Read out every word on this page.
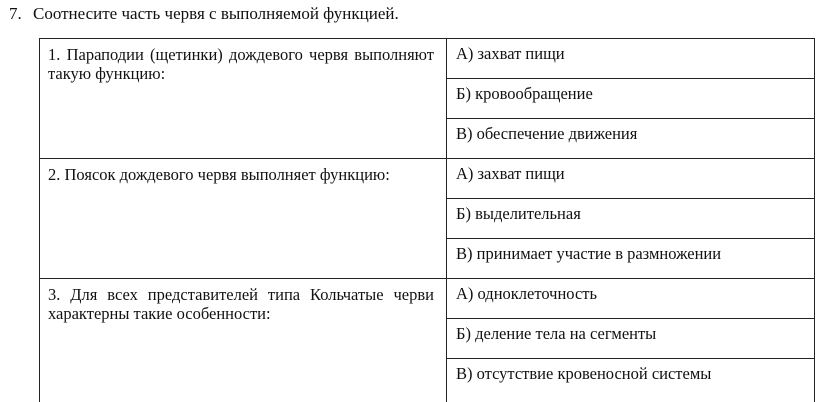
7. Соотнесите часть червя с выполняемой функцией.
1. Параподии (щетинки) дождевого червя выполняют такую функцию:	А) захват пищи
	Б) кровообращение
	В) обеспечение движения
2. Поясок дождевого червя выполняет функцию:	А) захват пищи
	Б) выделительная
	В) принимает участие в размножении
3. Для всех представителей типа Кольчатые черви характерны такие особенности:	А) одноклеточность
	Б) деление тела на сегменты
	В) отсутствие кровеносной системы
